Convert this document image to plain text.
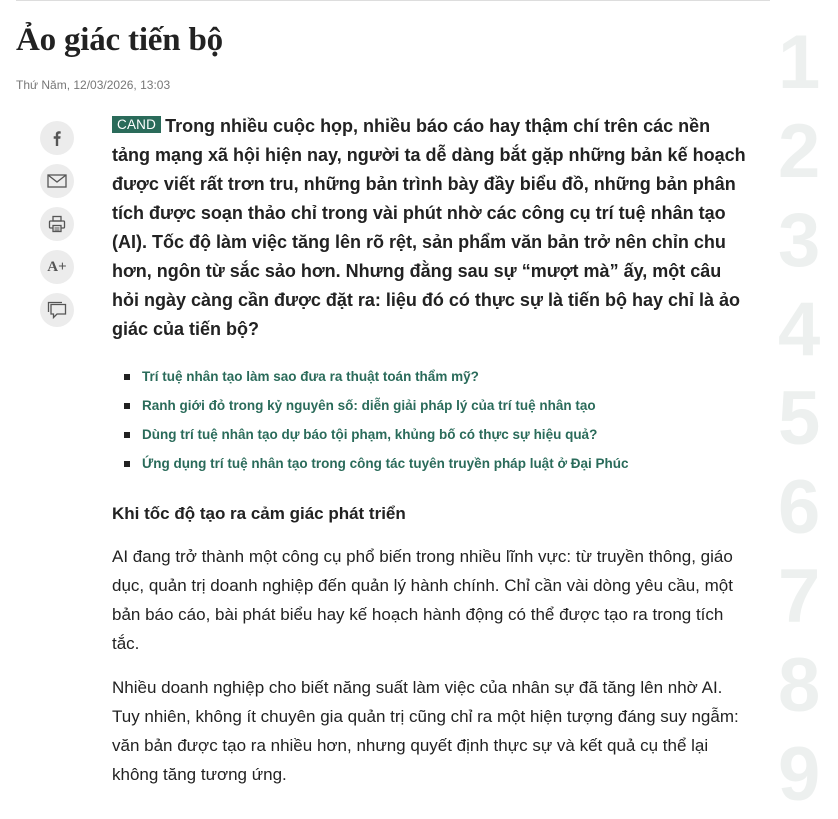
Ảo giác tiến bộ
Thứ Năm, 12/03/2026, 13:03
A+

CAND Trong nhiều cuộc họp, nhiều báo cáo hay thậm chí trên các nền tảng mạng xã hội hiện nay, người ta dễ dàng bắt gặp những bản kế hoạch được viết rất trơn tru, những bản trình bày đầy biểu đồ, những bản phân tích được soạn thảo chỉ trong vài phút nhờ các công cụ trí tuệ nhân tạo (AI). Tốc độ làm việc tăng lên rõ rệt, sản phẩm văn bản trở nên chỉn chu hơn, ngôn từ sắc sảo hơn. Nhưng đằng sau sự “mượt mà” ấy, một câu hỏi ngày càng cần được đặt ra: liệu đó có thực sự là tiến bộ hay chỉ là ảo giác của tiến bộ?

Trí tuệ nhân tạo làm sao đưa ra thuật toán thẩm mỹ?
Ranh giới đỏ trong kỷ nguyên số: diễn giải pháp lý của trí tuệ nhân tạo
Dùng trí tuệ nhân tạo dự báo tội phạm, khủng bố có thực sự hiệu quả?
Ứng dụng trí tuệ nhân tạo trong công tác tuyên truyền pháp luật ở Đại Phúc
Khi tốc độ tạo ra cảm giác phát triển

AI đang trở thành một công cụ phổ biến trong nhiều lĩnh vực: từ truyền thông, giáo dục, quản trị doanh nghiệp đến quản lý hành chính. Chỉ cần vài dòng yêu cầu, một bản báo cáo, bài phát biểu hay kế hoạch hành động có thể được tạo ra trong tích tắc.

Nhiều doanh nghiệp cho biết năng suất làm việc của nhân sự đã tăng lên nhờ AI. Tuy nhiên, không ít chuyên gia quản trị cũng chỉ ra một hiện tượng đáng suy ngẫm: văn bản được tạo ra nhiều hơn, nhưng quyết định thực sự và kết quả cụ thể lại không tăng tương ứng.

1
2
3
4
5
6
7
8
9
